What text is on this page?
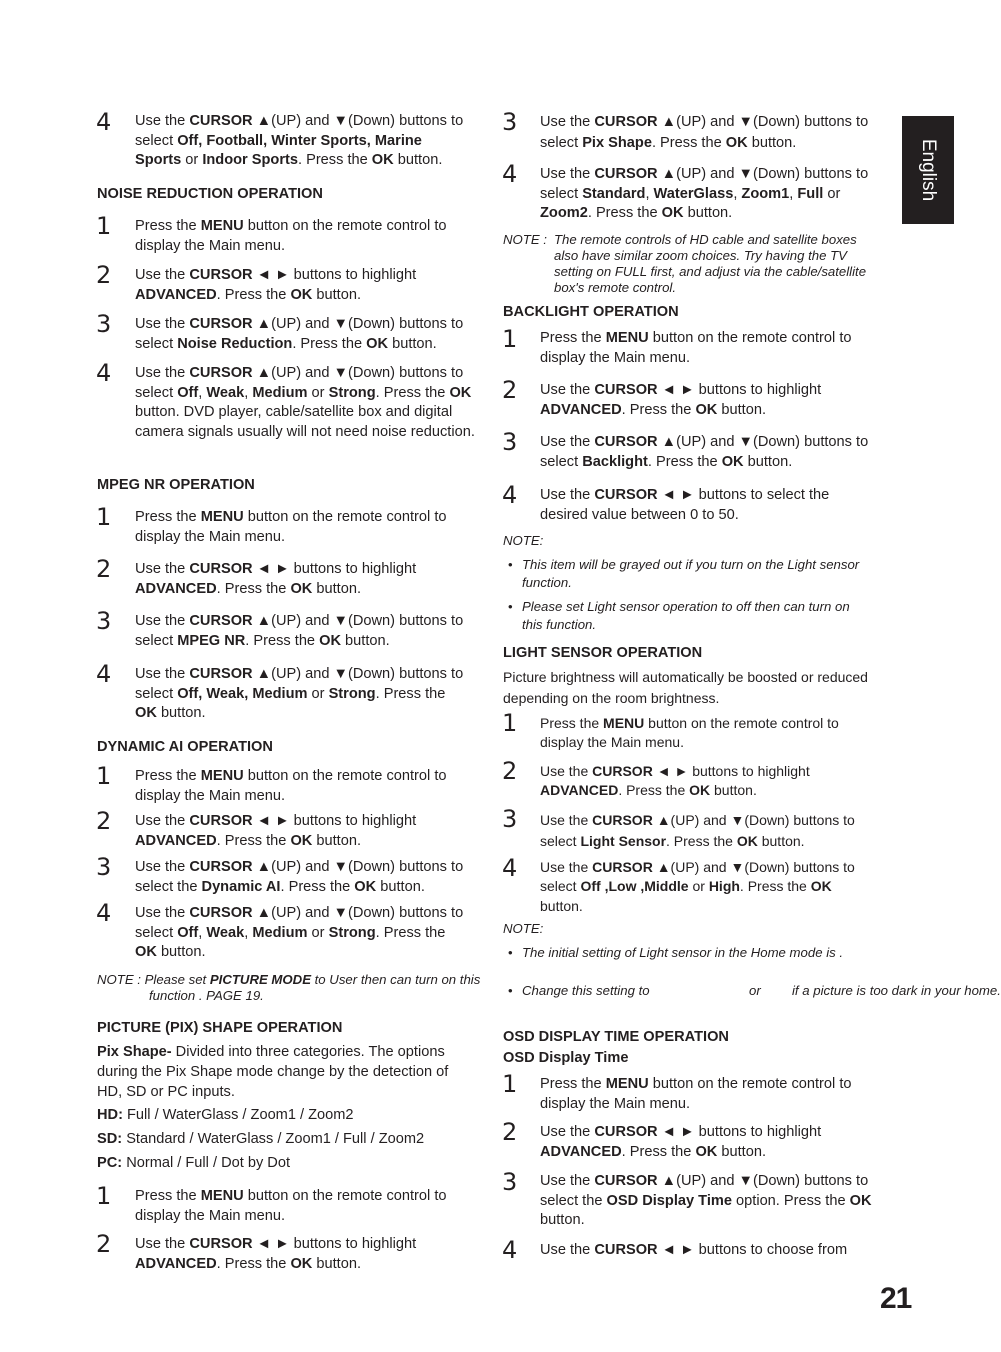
English
21
4 Use the CURSOR ▲(UP) and ▼(Down) buttons to select Off, Football, Winter Sports, Marine Sports or Indoor Sports. Press the OK button.
NOISE REDUCTION OPERATION
1 Press the MENU button on the remote control to display the Main menu.
2 Use the CURSOR ◄ ► buttons to highlight ADVANCED. Press the OK button.
3 Use the CURSOR ▲(UP) and ▼(Down) buttons to select Noise Reduction. Press the OK button.
4 Use the CURSOR ▲(UP) and ▼(Down) buttons to select Off, Weak, Medium or Strong. Press the OK button. DVD player, cable/satellite box and digital camera signals usually will not need noise reduction.
MPEG NR OPERATION
1 Press the MENU button on the remote control to display the Main menu.
2 Use the CURSOR ◄ ► buttons to highlight ADVANCED. Press the OK button.
3 Use the CURSOR ▲(UP) and ▼(Down) buttons to select MPEG NR. Press the OK button.
4 Use the CURSOR ▲(UP) and ▼(Down) buttons to select Off, Weak, Medium or Strong. Press the OK button.
DYNAMIC AI OPERATION
1 Press the MENU button on the remote control to display the Main menu.
2 Use the CURSOR ◄ ► buttons to highlight ADVANCED. Press the OK button.
3 Use the CURSOR ▲(UP) and ▼(Down) buttons to select the Dynamic AI. Press the OK button.
4 Use the CURSOR ▲(UP) and ▼(Down) buttons to select Off, Weak, Medium or Strong. Press the OK button.
NOTE : Please set PICTURE MODE to User then can turn on this function . PAGE 19.
PICTURE (PIX) SHAPE OPERATION
Pix Shape- Divided into three categories. The options during the Pix Shape mode change by the detection of HD, SD or PC inputs.
HD: Full / WaterGlass / Zoom1 / Zoom2
SD: Standard / WaterGlass / Zoom1 / Full / Zoom2
PC: Normal / Full / Dot by Dot
1 Press the MENU button on the remote control to display the Main menu.
2 Use the CURSOR ◄ ► buttons to highlight ADVANCED. Press the OK button.
3 Use the CURSOR ▲(UP) and ▼(Down) buttons to select Pix Shape. Press the OK button.
4 Use the CURSOR ▲(UP) and ▼(Down) buttons to select Standard, WaterGlass, Zoom1, Full or Zoom2. Press the OK button.
NOTE : The remote controls of HD cable and satellite boxes also have similar zoom choices. Try having the TV setting on FULL first, and adjust via the cable/satellite box's remote control.
BACKLIGHT OPERATION
1 Press the MENU button on the remote control to display the Main menu.
2 Use the CURSOR ◄ ► buttons to highlight ADVANCED. Press the OK button.
3 Use the CURSOR ▲(UP) and ▼(Down) buttons to select Backlight. Press the OK button.
4 Use the CURSOR ◄ ► buttons to select the desired value between 0 to 50.
NOTE:
• This item will be grayed out if you turn on the Light sensor function.
• Please set Light sensor operation to off then can turn on this function.
LIGHT SENSOR OPERATION
Picture brightness will automatically be boosted or reduced depending on the room brightness.
1 Press the MENU button on the remote control to display the Main menu.
2 Use the CURSOR ◄ ► buttons to highlight ADVANCED. Press the OK button.
3 Use the CURSOR ▲(UP) and ▼(Down) buttons to select Light Sensor. Press the OK button.
4 Use the CURSOR ▲(UP) and ▼(Down) buttons to select Off ,Low ,Middle or High. Press the OK button.
NOTE:
• The initial setting of Light sensor in the Home mode is .
• Change this setting to	or if a picture is too dark in your home.
OSD DISPLAY TIME OPERATION
OSD Display Time
1 Press the MENU button on the remote control to display the Main menu.
2 Use the CURSOR ◄ ► buttons to highlight ADVANCED. Press the OK button.
3 Use the CURSOR ▲(UP) and ▼(Down) buttons to select the OSD Display Time option. Press the OK button.
4 Use the CURSOR ◄ ► buttons to choose from
